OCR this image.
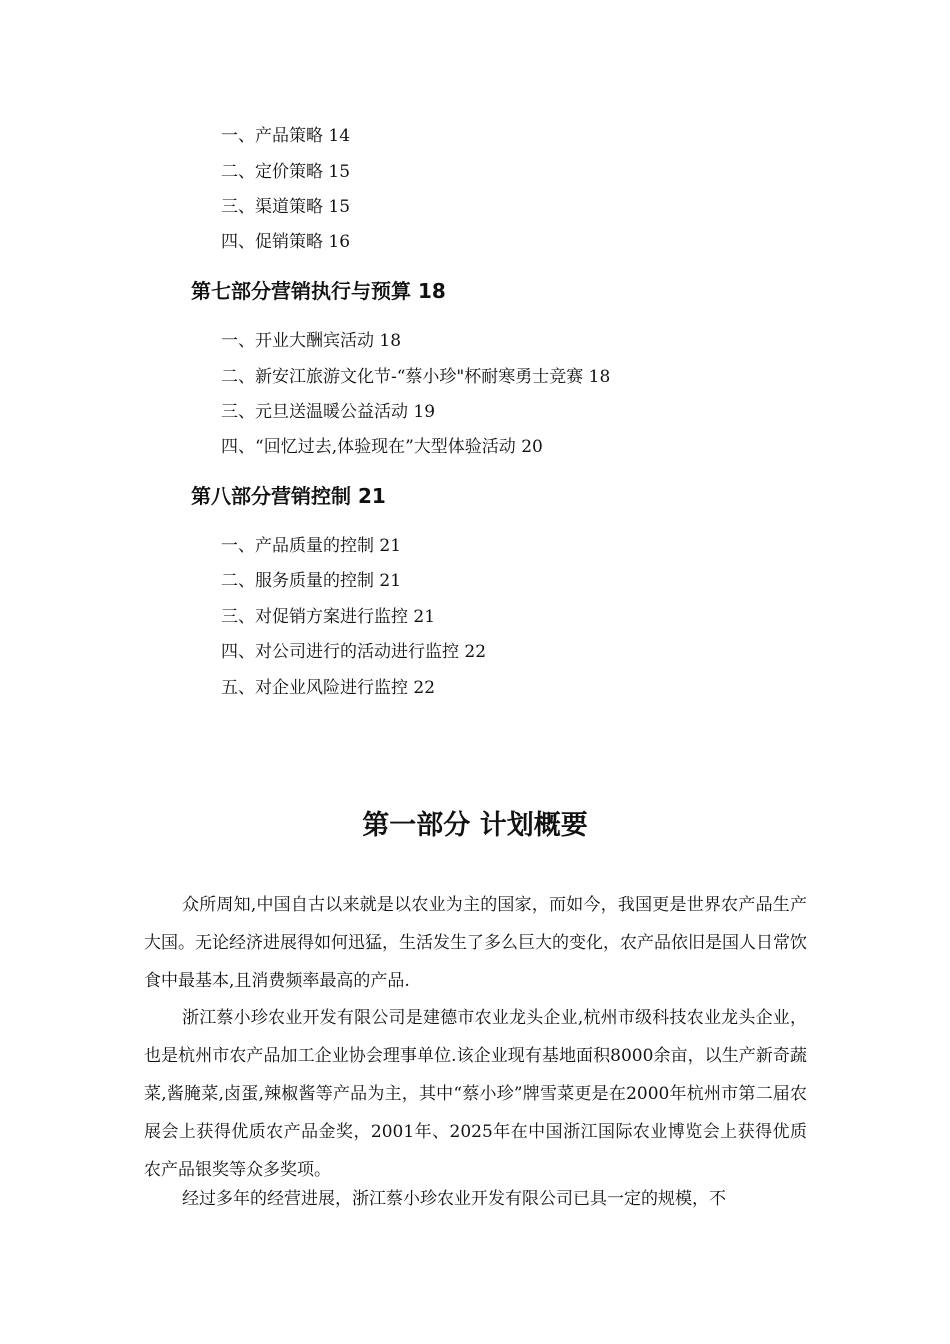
一、产品策略 14
二、定价策略 15
三、渠道策略 15
四、促销策略 16
第七部分营销执行与预算 18
一、开业大酬宾活动 18
二、新安江旅游文化节-“蔡小珍"杯耐寒勇士竞赛 18
三、元旦送温暖公益活动 19
四、“回忆过去,体验现在”大型体验活动 20
第八部分营销控制 21
一、产品质量的控制 21
二、服务质量的控制 21
三、对促销方案进行监控 21
四、对公司进行的活动进行监控 22
五、对企业风险进行监控 22
第一部分 计划概要

众所周知,中国自古以来就是以农业为主的国家，而如今，我国更是世界农产品生产大国。无论经济进展得如何迅猛，生活发生了多么巨大的变化，农产品依旧是国人日常饮食中最基本,且消费频率最高的产品.

浙江蔡小珍农业开发有限公司是建德市农业龙头企业,杭州市级科技农业龙头企业，也是杭州市农产品加工企业协会理事单位.该企业现有基地面积8000余亩，以生产新奇蔬菜,酱腌菜,卤蛋,辣椒酱等产品为主，其中“蔡小珍”牌雪菜更是在2000年杭州市第二届农展会上获得优质农产品金奖，2001年、2025年在中国浙江国际农业博览会上获得优质农产品银奖等众多奖项。

经过多年的经营进展，浙江蔡小珍农业开发有限公司已具一定的规模，不
